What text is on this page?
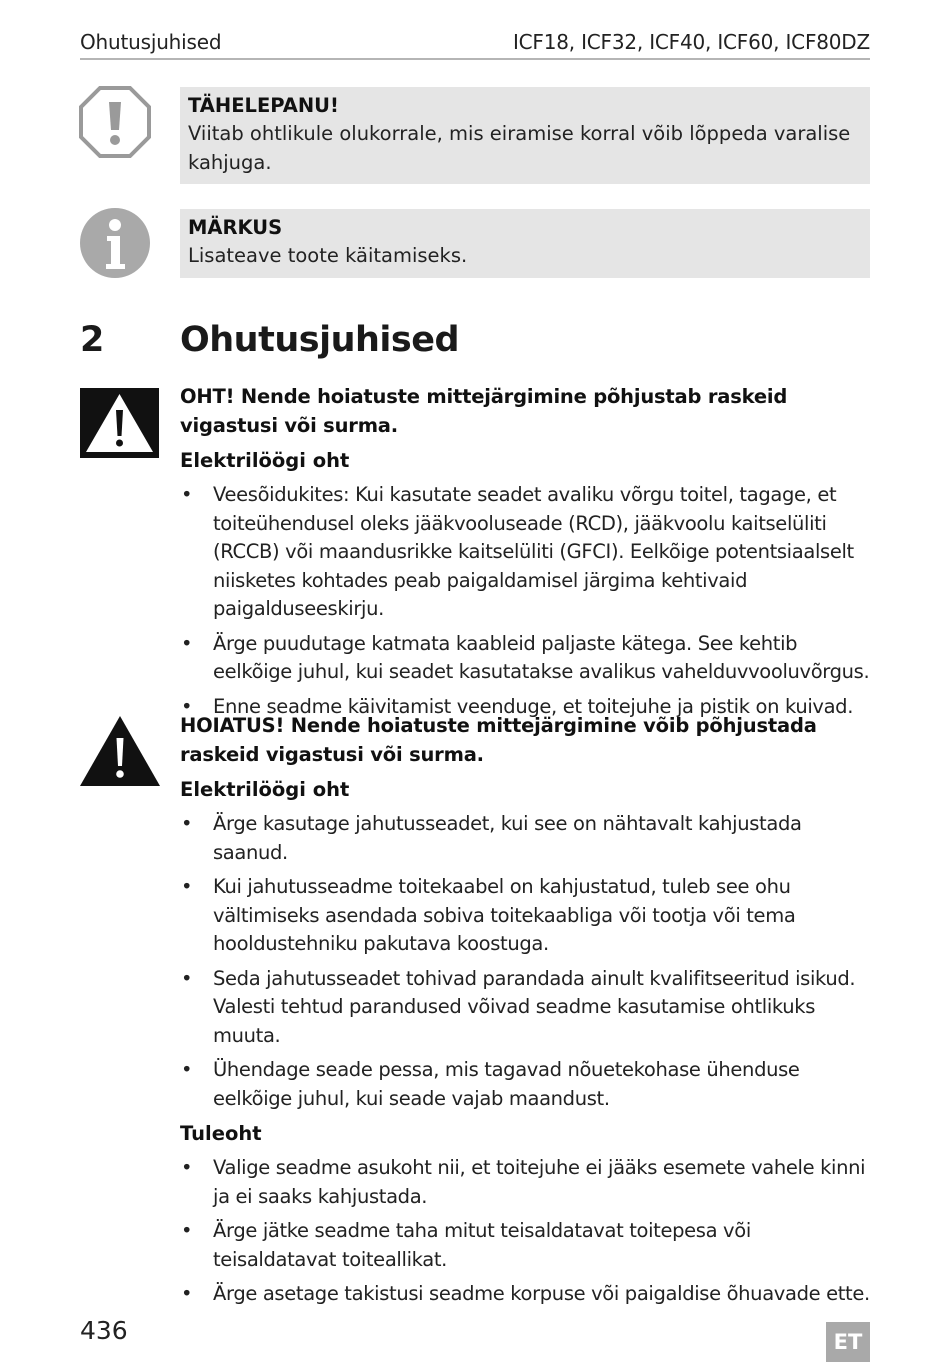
Ohutusjuhised	ICF18, ICF32, ICF40, ICF60, ICF80DZ
TÄHELEPANU!
Viitab ohtlikule olukorrale, mis eiramise korral võib lõppeda varalise kahjuga.
MÄRKUS
Lisateave toote käitamiseks.
2 Ohutusjuhised

OHT! Nende hoiatuste mittejärgimine põhjustab raskeid vigastusi või surma.

Elektrilöögi oht
• Veesõidukites: Kui kasutate seadet avaliku võrgu toitel, tagage, et toiteühendusel oleks jääkvooluseade (RCD), jääkvoolu kaitselüliti (RCCB) või maandusrikke kaitselüliti (GFCI). Eelkõige potentsiaalselt niisketes kohtades peab paigaldamisel järgima kehtivaid paigalduseeskirju.
• Ärge puudutage katmata kaableid paljaste kätega. See kehtib eelkõige juhul, kui seadet kasutatakse avalikus vahelduvvooluvõrgus.
• Enne seadme käivitamist veenduge, et toitejuhe ja pistik on kuivad.

HOIATUS! Nende hoiatuste mittejärgimine võib põhjustada raskeid vigastusi või surma.

Elektrilöögi oht
• Ärge kasutage jahutusseadet, kui see on nähtavalt kahjustada saanud.
• Kui jahutusseadme toitekaabel on kahjustatud, tuleb see ohu vältimiseks asendada sobiva toitekaabliga või tootja või tema hooldustehniku pakutava koostuga.
• Seda jahutusseadet tohivad parandada ainult kvalifitseeritud isikud. Valesti tehtud parandused võivad seadme kasutamise ohtlikuks muuta.
• Ühendage seade pessa, mis tagavad nõuetekohase ühenduse eelkõige juhul, kui seade vajab maandust.
Tuleoht
• Valige seadme asukoht nii, et toitejuhe ei jääks esemete vahele kinni ja ei saaks kahjustada.
• Ärge jätke seadme taha mitut teisaldatavat toitepesa või teisaldatavat toiteallikat.
• Ärge asetage takistusi seadme korpuse või paigaldise õhuavade ette.
436	ET
